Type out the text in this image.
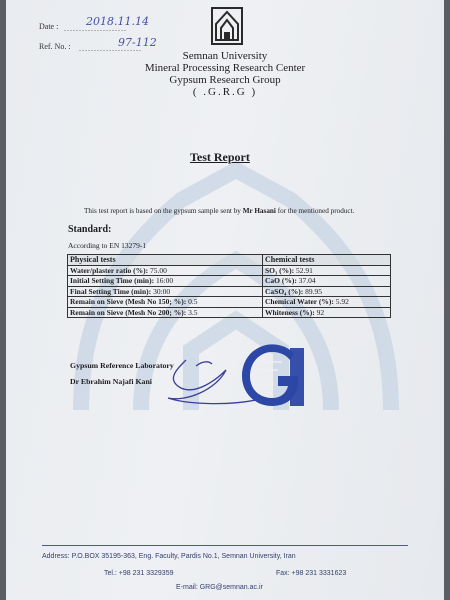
Date : .....................
2018.11.14
Ref. No. : .....................
97-112
Semnan University
Mineral Processing Research Center
Gypsum Research Group
( .G.R.G )
Test Report
This test report is based on the gypsum sample sent by Mr Hasani for the mentioned product.
Standard:
According to EN 13279-1
Physical tests	Chemical tests
Water/plaster ratio (%): 75.00	SO₃ (%): 52.91
Initial Setting Time (min): 16:00	CaO (%): 37.04
Final Setting Time (min): 30:00	CaSO₄ (%): 89.95
Remain on Sieve (Mesh No 150; %): 0.5	Chemical Water (%): 5.92
Remain on Sieve (Mesh No 200; %): 3.5	Whiteness (%): 92
Gypsum Reference Laboratory
Dr Ebrahim Najafi Kani
Address: P.O.BOX 35195-363, Eng. Faculty, Pardis No.1, Semnan University, Iran
Tel.: +98 231 3329359	Fax: +98 231 3331623
E-mail: GRG@semnan.ac.ir
